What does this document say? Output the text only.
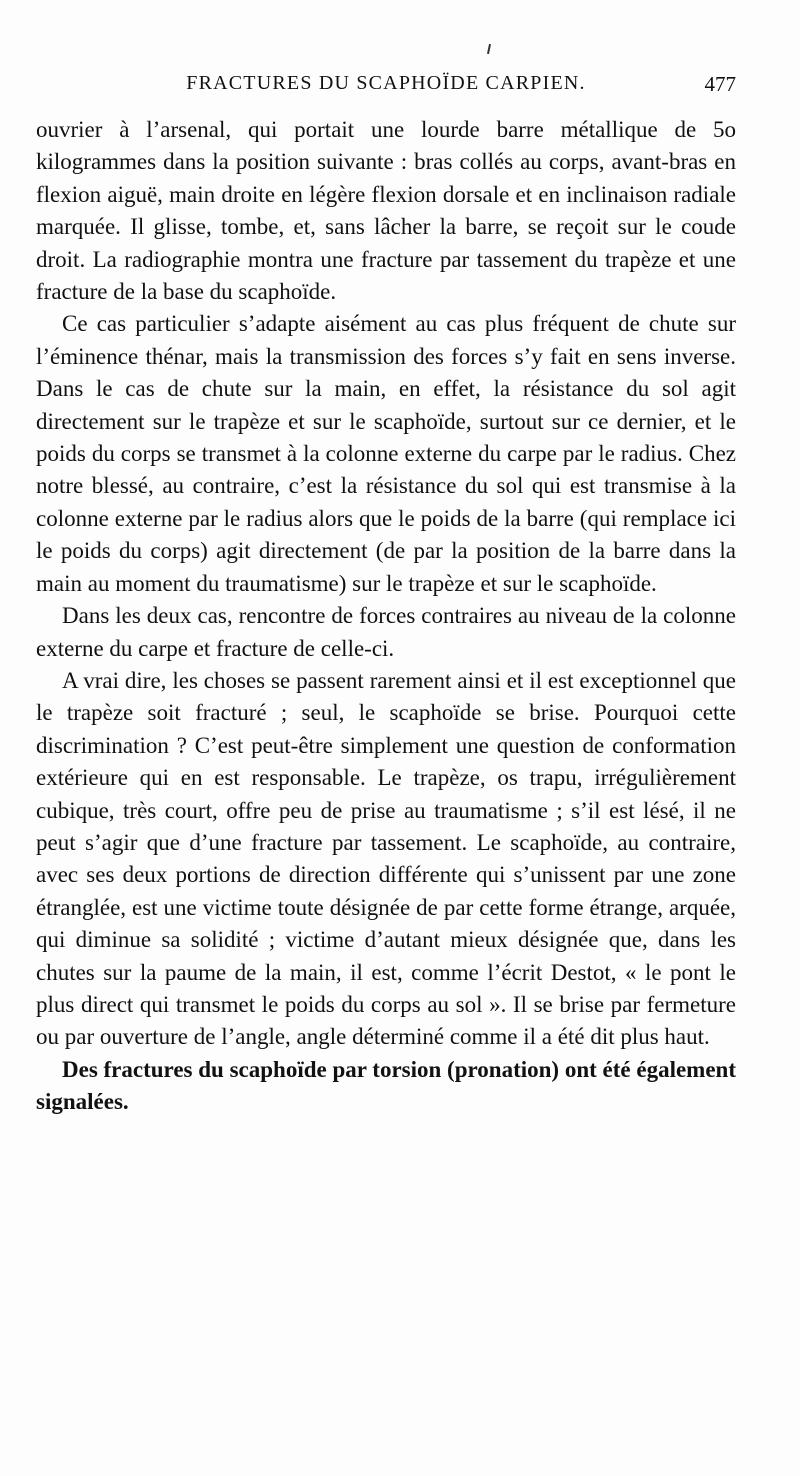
FRACTURES DU SCAPHOÏDE CARPIEN.	477

ouvrier à l’arsenal, qui portait une lourde barre métallique de 5o kilogrammes dans la position suivante : bras collés au corps, avant-bras en flexion aiguë, main droite en légère flexion dorsale et en inclinaison radiale marquée. Il glisse, tombe, et, sans lâcher la barre, se reçoit sur le coude droit. La radiographie montra une fracture par tassement du trapèze et une fracture de la base du scaphoïde.

Ce cas particulier s’adapte aisément au cas plus fréquent de chute sur l’éminence thénar, mais la transmission des forces s’y fait en sens inverse. Dans le cas de chute sur la main, en effet, la résistance du sol agit directement sur le trapèze et sur le scaphoïde, surtout sur ce dernier, et le poids du corps se transmet à la colonne externe du carpe par le radius. Chez notre blessé, au contraire, c’est la résistance du sol qui est transmise à la colonne externe par le radius alors que le poids de la barre (qui remplace ici le poids du corps) agit directement (de par la position de la barre dans la main au moment du traumatisme) sur le trapèze et sur le scaphoïde.

Dans les deux cas, rencontre de forces contraires au niveau de la colonne externe du carpe et fracture de celle-ci.

A vrai dire, les choses se passent rarement ainsi et il est exceptionnel que le trapèze soit fracturé ; seul, le scaphoïde se brise. Pourquoi cette discrimination ? C’est peut-être simplement une question de conformation extérieure qui en est responsable. Le trapèze, os trapu, irrégulièrement cubique, très court, offre peu de prise au traumatisme ; s’il est lésé, il ne peut s’agir que d’une fracture par tassement. Le scaphoïde, au contraire, avec ses deux portions de direction différente qui s’unissent par une zone étranglée, est une victime toute désignée de par cette forme étrange, arquée, qui diminue sa solidité ; victime d’autant mieux désignée que, dans les chutes sur la paume de la main, il est, comme l’écrit Destot, « le pont le plus direct qui transmet le poids du corps au sol ». Il se brise par fermeture ou par ouverture de l’angle, angle déterminé comme il a été dit plus haut.

Des fractures du scaphoïde par torsion (pronation) ont été également signalées.
